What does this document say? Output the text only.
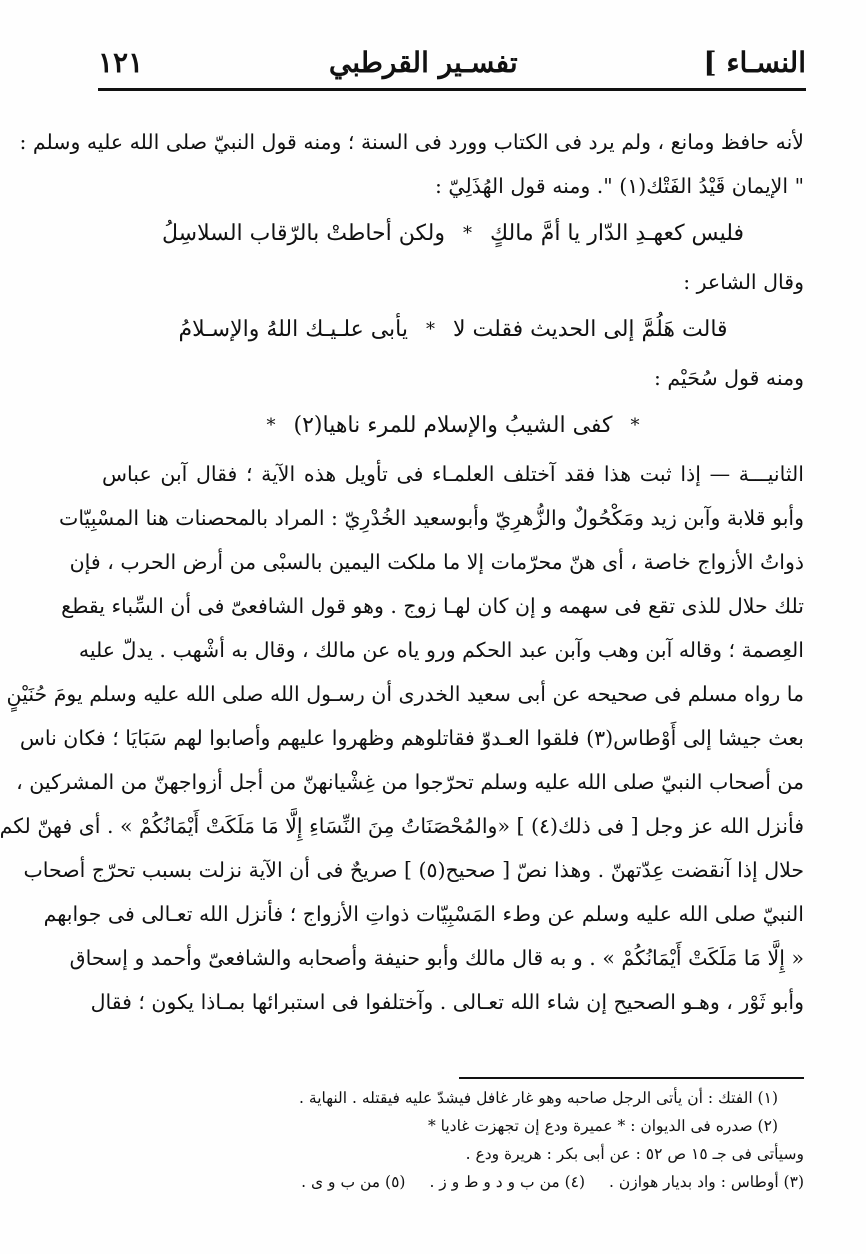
النسـاء ]
تفسـير القرطبي
١٢١
لأنه حافظ ومانع ، ولم يرد فى الكتاب وورد فى السنة ؛ ومنه قول النبيّ صلى الله عليه وسلم :
" الإيمان قَيْدُ الفَتْك(١) ". ومنه قول الهُذَلِيّ :
فليس كعهـدِ الدّار يا أمَّ مالكٍ
*
ولكن أحاطتْ بالرّقاب السلاسِلُ
وقال الشاعر :
قالت هَلُمَّ إلى الحديث فقلت لا
*
يأبى علـيـك اللهُ والإسـلامُ
ومنه قول سُحَيْم :
*
كفى الشيبُ والإسلام للمرء ناهيا(٢)
*
الثانيـــة — إذا ثبت هذا فقد آختلف العلمـاء فى تأويل هذه الآية ؛ فقال آبن عباس
وأبو قلابة وآبن زيد ومَكْحُولٌ والزُّهرِيّ وأبوسعيد الخُدْرِيّ : المراد بالمحصنات هنا المسْبِيّات
ذواتُ الأزواج خاصة ، أى هنّ محرّمات إلا ما ملكت اليمين بالسبْى من أرض الحرب ، فإن
تلك حلال للذى تقع فى سهمه و إن كان لهـا زوج . وهو قول الشافعىّ فى أن السِّباء يقطع
العِصمة ؛ وقاله آبن وهب وآبن عبد الحكم ورو ياه عن مالك ، وقال به أشْهب . يدلّ عليه
ما رواه مسلم فى صحيحه عن أبى سعيد الخدرى أن رسـول الله صلى الله عليه وسلم يومَ حُنَيْنٍ
بعث جيشا إلى أَوْطاس(٣) فلقوا العـدوّ فقاتلوهم وظهروا عليهم وأصابوا لهم سَبَايَا ؛ فكان ناس
من أصحاب النبيّ صلى الله عليه وسلم تحرّجوا من غِشْيانهنّ من أجل أزواجهنّ من المشركين ،
فأنزل الله عز وجل [ فى ذلك(٤) ] «والمُحْصَنَاتُ مِنَ النِّسَاءِ إِلَّا مَا مَلَكَتْ أَيْمَانُكُمْ » . أى فهنّ لكم
حلال إذا آنقضت عِدّتهنّ . وهذا نصّ [ صحيح(٥) ] صريحٌ فى أن الآية نزلت بسبب تحرّج أصحاب
النبيّ صلى الله عليه وسلم عن وطء المَسْبِيّات ذواتِ الأزواج ؛ فأنزل الله تعـالى فى جوابهم
« إِلَّا مَا مَلَكَتْ أَيْمَانُكُمْ » . و به قال مالك وأبو حنيفة وأصحابه والشافعىّ وأحمد و إسحاق
وأبو ثَوْر ، وهـو الصحيح إن شاء الله تعـالى . وآختلفوا فى استبرائها بمـاذا يكون ؛ فقال
(١) الفتك : أن يأتى الرجل صاحبه وهو غار غافل فيشدّ عليه فيقتله . النهاية .
(٢) صدره فى الديوان : * عميرة ودع إن تجهزت غاديا *
وسيأتى فى جـ ١٥ ص ٥٢ : عن أبى بكر : هريرة ودع .
(٣) أوطاس : واد بديار هوازن .
(٤) من ب و د و ط و ز .
(٥) من ب و ى .
